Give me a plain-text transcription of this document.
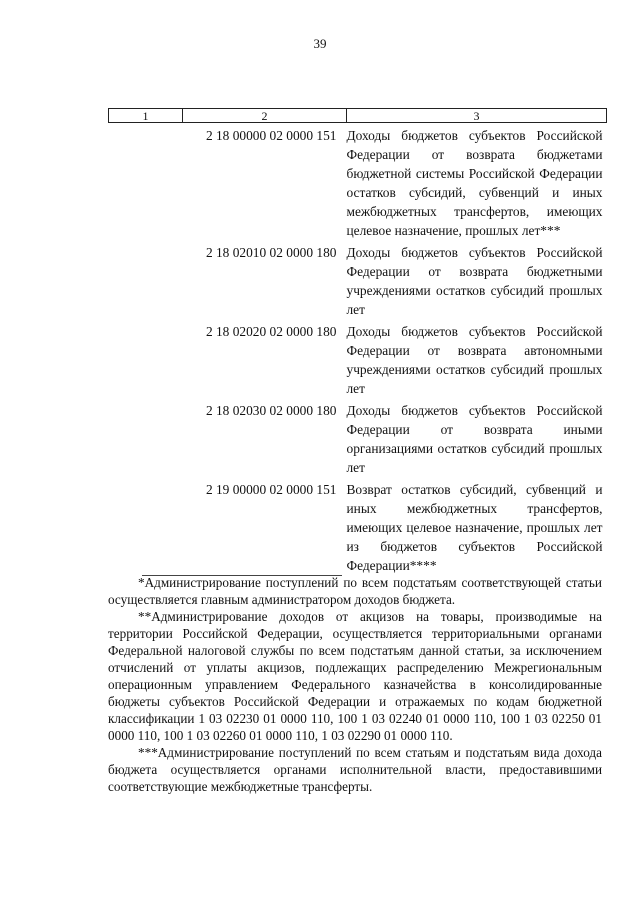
39
1	2	3
	2 18 00000 02 0000 151	Доходы бюджетов субъектов Российской Федерации от возврата бюджетами бюджетной системы Российской Федерации остатков субсидий, субвенций и иных межбюджетных трансфертов, имеющих целевое назначение, прошлых лет***
	2 18 02010 02 0000 180	Доходы бюджетов субъектов Российской Федерации от возврата бюджетными учреждениями остатков субсидий прошлых лет
	2 18 02020 02 0000 180	Доходы бюджетов субъектов Российской Федерации от возврата автономными учреждениями остатков субсидий прошлых лет
	2 18 02030 02 0000 180	Доходы бюджетов субъектов Российской Федерации от возврата иными организациями остатков субсидий прошлых лет
	2 19 00000 02 0000 151	Возврат остатков субсидий, субвенций и иных межбюджетных трансфертов, имеющих целевое назначение, прошлых лет из бюджетов субъектов Российской Федерации****

*Администрирование поступлений по всем подстатьям соответствующей статьи осуществляется главным администратором доходов бюджета.

**Администрирование доходов от акцизов на товары, производимые на территории Российской Федерации, осуществляется территориальными органами Федеральной налоговой службы по всем подстатьям данной статьи, за исключением отчислений от уплаты акцизов, подлежащих распределению Межрегиональным операционным управлением Федерального казначейства в консолидированные бюджеты субъектов Российской Федерации и отражаемых по кодам бюджетной классификации 1 03 02230 01 0000 110, 100 1 03 02240 01 0000 110, 100 1 03 02250 01 0000 110, 100 1 03 02260 01 0000 110, 1 03 02290 01 0000 110.

***Администрирование поступлений по всем статьям и подстатьям вида дохода бюджета осуществляется органами исполнительной власти, предоставившими соответствующие межбюджетные трансферты.
